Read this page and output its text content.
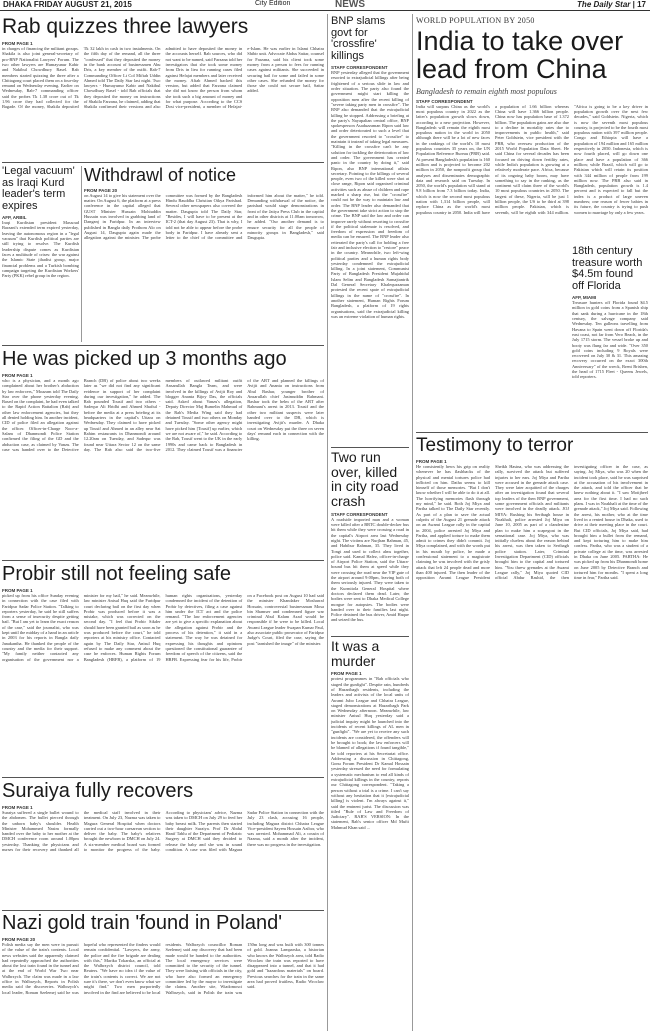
DHAKA FRIDAY AUGUST 21, 2015	City Edition	NEWS	The Daily Star | 17
Rab quizzes three lawyers
FROM PAGE 1
in charges of financing the militant groups. Shakila is also joint general-secretary of pro-BNP Nationalist Lawyers' Forum. The two other lawyers are Humayunur Kabir and Nakibul Chowdhury Rasel. Rab members started quizzing the three after a Chittagong court placed them on a four-day remand on Wednesday evening. Earlier on Wednesday, Rab-7 commanding officer said the probes Tk 1.38 crore out of Tk 1.96 crore they had collected for the Bagade. Of the money, Shakila deposited Tk 32 lakh in cash in two instalments. On the fifth day of the remand, all the three "confessed" that they deposited the money in the bank account of businessmen Abu Dris, a key member of the outfit. Rab-7 Commanding Officer Lt Col Miftah Uddin Ahmed told The Daily Star last night. Two lawyers - Humayunur Kabir and Nakibul Chowdhury Rasel - told Rab officials that they deposited the money on instructions of Shakila Farzana, he claimed, adding that Shakila confirmed their versions and also admitted to have deposited the money in the accounts herself. Rab sources, who did not want to be named, said Farzana told her investigators that she took some money from Dris in lieu for running cases filed against Hefajat members and later received the money. Aftab Ahmed backed this version, but added that Farzana claimed she did not know the person from whom she took such a big amount of money and for what purpose. According to the CCS Dost vice-president, a member of Hefajat-e-Islam. He was earlier in Islami Chhatra Shibir unit. Advocate Abdus Sattar, counsel for Farzana, said his client took some money from a person to fees for running cases against militants. She succeeded in securing bail for some and failed in some other cases. She refunded the money for those she could not secure bail, Sattar added.
'Legal vacuum' as Iraqi Kurd leader's term expires
AFP, ARBIL
Iraqi Kurdistan president Massoud Barzani's extended term expired yesterday, leaving the autonomous region in a "legal vacuum" that Kurdish political parties are still trying to resolve. The Kurdish leadership dispute comes as Kurdistan faces a multitude of crises: the war against the Islamic State jihadist group, major financial problems and a Turkish bombing campaign targeting the Kurdistan Workers' Party (PKK) rebel group in the region.
Withdrawl of notice
FROM PAGE 20
on August 14 to give his statement over the matter. On August 6, the platform at a press conference in the capital alleged that GUST Minister Hussain Mohiuddin Hussain was involved in grabbing land of Danganj in Faridpur. In an interview published in Bangla daily Prothom Alo on August 14, Dasgupta again made the allegation against the minister. The probe committee was formed by the Bangladesh Hindu Bauddha Christian Oikya Parishad. Several other newspapers also covered the matter. Dasgupta told The Daily Star, "Besides, I will have to be present at the ICT-2 (that day August 23). That is why, I told not be able to appear before the probe body in Faridpur. I have already sent a letter to the chief of the committee and informed him about the matter," he told. Demanding withdrawal of the notice, the parishad would stage demonstrations in front of the Jatiya Press Club in the capital and in other districts at 11.00am tomorrow, he added. "Our another demand is to ensure security for all the people of minority groups in Bangladesh," said Dasgupta.
He was picked up 3 months ago
FROM PAGE 1
who is a physician, and a month ago complained about her brother's abduction by law enforcers," Moazam told The Daily Star over the phone yesterday evening. Based on the complaint, he had even talked to the Rapid Action Battalion (Rab) and other law enforcement agencies, but they all denied holding him. In another incident, CID of police filed an allegation against the officer. Officer-in-Charge Noor-a-Salam of Dhanmondi Police Station confirmed the filing of the GD and the abduction case, as claimed by Vanzu. The case was handed over to the Detective Branch (DB) of police about two weeks later as "we did not find any significant evidence in support of her complaint during our investigation," he added. The Rab pounded Tousif and two others - Sadequr Ali Hridhi and Ahmed Shafiul - before the media at a press briefing at its headquarters in the capital's Uttara on Wednesday. They claimed to have picked up Tousif and Ahmed in an alley near Sat Rahim restaurants in Dhanmondi around 12.20am on Tuesday, and Sadequr was found near Uttara Sector 12 on the same day. The Rab also said the two-five members of outlawed militant outfit Ansarullah Bangla Team, and were involved in the killings of Avijit Roy and blogger Ananta Bijoy Das, the officials said. Asked about Vanzu's allegation, Deputy Director Maj Rumelin Mahmud of the Rab's Media Wing said they had detained Tousif and two others on Monday and Tuesday. "Some other agency might have picked him [Tousif] up earlier, which we are not aware of," he said. According to the Rab, Tousif went to the UK in the early 1990s and came back to Bangladesh in 2012. They claimed Tousif was a financier of the ABT and planned the killings of Avijit and Ananta on instructions from Abul Bashar, younger brother of Ansarullah chief Jasimuddin Rahmani. Bashar took the helm of the ABT after Rahmani's arrest in 2013. Tousif and the other two militant suspects were later handed over to the DB, which is investigating Avijit's murder. A Dhaka court on Wednesday put the three on seven days' remand each in connection with the killing.
Probir still not feeling safe
FROM PAGE 1
picked up from his office Sunday evening in connection with the case filed with Faridpur Sadar Police Station. "Talking to reporters yesterday, he said he still suffers from a sense of insecurity despite getting bail. "But I am yet to learn the exact reason of the case," said the journalist, who was kept until the midday of a hand in an article in 2003 for his reports in Bangla daily Janakantha. He thanked the people of the country and the media for their support. "My family neither contacted any organisation of the government nor a minister for my bail," he said. Meanwhile, law minister Anisul Huq said the Faridpur court declaring bail on the first day when Probir was produced before it was a mistake, which was corrected on the second day. "I feel that Probir Sikder should have been granted bail as soon as he was produced before the court," he told reporters at his ministry office. Contacted again by The Daily Star, Anisul Huq refused to make any comment about the case he enforces. Human Rights Forum Bangladesh (HRFB), a platform of 19 human rights organisations, yesterday condemned the incident of the detention of Probir by detectives, filing a case against him under the ICT act and the police remand. "The law enforcement agencies are yet to give a specific explanation about the allegation against Probir and the process of his detention," it said in a statement. The way he was detained for expressing his thoughts and opinions questioned the constitutional guarantee of freedom of speech of the citizens, said the HRFB. Expressing fear for his life, Probir on a Facebook post on August 10 had said the minister Khandaker Mosharraf Hossain, controversial businessman Mosa bin Shamser and condemned figure war criminal Abul Kalam Azad would be responsible if he were to be killed. Local Awami League leader Swapan Kumar Paul, also associate public prosecutor of Faridpur Judge's Court, filed the case, saying the post "tarnished the image" of the minister.
Suraiya fully recovers
FROM PAGE 1
Suraiya suffered a single bullet wound to the abdomen. The bullet pierced through the unborn baby's shoulder. Health Minister Mohammed Nasim formally handed over the baby to her mother at the DMCH conference room around 1.00pm yesterday. Thanking the physicians and nurses for their recovery and thanked all the medical staff involved in their treatment. On July 23, Nazma was taken to Magura General Hospital when doctors carried out a two-hour caesarean section to deliver the baby. The baby's relatives brought the newborn to DMCH on July 24. A six-member medical board was formed to monitor the progress of the baby. According to physicians' advice, Nazma was taken to DMCH on July 29 to feed her baby breast milk. The parents then started their daughter Suraiya. Prof Dr Abdul Hanif Tablu of the Department of Pediatric Surgery at DMCH said they decided to release the baby and she was in sound condition. A case was filed with Magura Sadar Police Station in connection with the July 23 clash, accusing 16 people, including Magura district Chhatra League Vice-president Sayem Hossain Azibor, who was arrested. Mohammad Ali, a cousin of Nazma, said a month after the incident, there was no progress in the investigation.
Nazi gold train 'found in Poland'
FROM PAGE 20
Polish media say the men were in pursuit of the value of the train's contents. Local news websites said the apparently claimed had repeatedly approached the authorities about the lost train found in the tunnel and at the end of World War Two near Walbrzych. The claim was made in a law office in Walbrzych, Reports in Polish media said the discoveries. Walbrzych's local leader, Roman Szelemej said he was hopeful who represented the finders would remain confidential. "Lawyers, the army, the police and the fire brigade are dealing with this," Marika Tokarska, an official at the Walbrzych district council, told Reuters. "We have no idea if the value of the train's contents is correct. We are not sure it's there, we don't even know what we might find." Two men purportedly involved in the find are believed to be local residents. Walbrzych councillor Roman Szelemej said any discovery that had been made would be handed to the authorities. The local emergency services were committed to the security of the tunnel. They were liaising with officials in the city, who have also formed an emergency committee led by the mayor to investigate the claims. Another site, Wiadomosci Walbrzych, said in Polish the train was 150m long and was built with 300 tonnes of gold. Joanna Lamparska, a historian who knows the Walbrzych area, told Radio Wroclaw the train was reported to have disappeared into a tunnel, and that it had gold and "hazardous materials" on board. Previous searches for the train in the same area had proved fruitless, Radio Wroclaw said.
BNP slams govt for 'crossfire' killings
STAFF CORRESPONDENT
BNP yesterday alleged that the government resorted to extrajudicial killings after being frightened of a serious slide in law and order situation. The party also found the government might start killing the opposition men after the recent killing of "severe taking party men in crossfire". The BNP also demanded that the extrajudicial killing be stopped. Addressing a briefing at the party's Nayapaltan central office, BNP spokesperson Asaduzzaman Ripon said law and order deteriorated to such a level that the government resorted to "crossfire" to maintain it instead of taking legal measures. "Killing in the crossfire can't be any solution for tackling the deterioration of law and order. The government has created panic in the country by doing it," said Ripon, also BNP international affairs secretary. Pointing to the killings of several people, even two of the killed were shot at close range, Ripon said organised criminal activities such as abuse of children and rape marked a sharp rise, but the "crossfire" could not be the way to maintain law and order. The BNP leader also demanded that the government take strict action to stop the crime. The BNP said the law and order can improve rarely without resorting to crossfire if the political stalemate is resolved, and freedom of expression and freedom of media can be ensured. The BNP leader also reiterated the party's call for holding a free fair and inclusive election to "restore" peace in the country. Meanwhile, two left-wing political parties and a human rights body yesterday condemned the extrajudicial killing. In a joint statement, Communist Party of Bangladesh President Mujahidul Islam Selim and Bangladesh Samajtantrik Dal General Secretary Khalequzzaman protested the recent spate of extrajudicial killings in the name of "crossfire". In another statement, Human Rights Forum Bangladesh, a platform of 19 rights organisations, said the extrajudicial killing was an extreme violation of human rights.
Two run over, killed in city road crash
STAFF CORRESPONDENT
A roadside imported man and a woman were killed after a BRTC double-decker bus hit them while they were crossing a road in the capital's Airport area last Wednesday night. The victims are Nurjhan Rahman, 45, and Habibur Rahman, 35. They lived in Tongi and used to collect alms together, police said. Kamal Hafez, officer-in-charge of Airport Police Station, said the Uttara-bound bus hit them at speed while they were crossing the road near the VIP gate of the airport around 9:00pm, leaving both of them seriously injured. They were taken to the Kurmitola General Hospital where doctors declared them dead. Later, the bodies were sent to Dhaka Medical College morgue for autopsies. The bodies were handed over to their families last night. Police detained the bus driver, Amid Haque and seized the bus.
It was a murder
FROM PAGE 1
protest programmes in "Rab officials who staged the gunfight". Despite rain, hundreds of Hazaribagh residents, including the leaders and activists of the local units of Awami Jubo League and Chhatra League, staged demonstrations at Hazaribagh Park on Wednesday afternoon. Meanwhile, law minister Anisul Huq yesterday said a judicial inquiry might be launched into the incidents of recent killings of AL men in "gunfight". "We are yet to receive any such incidents are considered, the offenders will be brought to book; the law enforcers will be blamed of allegations if found tangible," he told reporters at his Secretariat office. Addressing a discussion in Chittagong, Gonu Forum President Dr Kamal Hossain yesterday stressed the need for formulating a systematic mechanism to end all kinds of extrajudicial killings in the country, reports our Chittagong correspondent. "Taking a person without a trial is a crime. I can't say without any hesitation that it [extrajudicial killing] is violent. I'm always against it," said the eminent jurist. The discussion was titled "Rule of Law and Freedom of Judiciary". RAB'S VERSION: In the statement, Rab's senior officer Md Mufti Mahmud Khan said ...
WORLD POPULATION BY 2050
India to take over lead from China
Bangladesh to remain eighth most populous
STAFF CORRESPONDENT
India will surpass China as the world's most populous country in 2022 as the latter's population growth slows down, according to a new projection. However, Bangladesh will remain the eighth most populous nation in the world in 2050 although there will be a lot of new faces in the rankings of the world's 10 most populous countries 35 years on, the UN Population Reference Bureau (PRB) said. At present Bangladesh's population is 160 million and is projected to become 202 million in 2050, the nonprofit group that analyses and disseminates demographic data and research said on Tuesday. In 2050, the world's population will stand at 9.8 billion from 7.3 billion today. India, which is now the second most populous nation with 1,314 billion people, will replace China as the world's most populous country in 2050. India will have a population of 1.66 billion whereas China will have 1.366 billion people. China now has population base of 1.372 billion. The population gains are also due to a decline in mortality rates due to improvements in public health," said Peter Goldstein, vice president with the PRB, who oversaw production of the 2015 World Population Data Sheet. He said China for several decades has been focused on driving down fertility rates, while India's population is growing at a relatively moderate pace. Africa, because of its ongoing baby boom, may have something to say in the ranking, as the continent will claim three of the world's 10 most populous countries in 2050. The largest of these, Nigeria, will be just 1 billion people, the US to be third at 398 million people. Pakistan, which is seventh, will be eighth with 344 million. "Africa is going to be a key driver in population growth over the next few decades," said Goldstein. Nigeria, which is now the seventh most populous country, is projected to be the fourth most populous nation with 397 million people. Congo and Ethiopia will have a population of 194 million and 165 million respectively in 2050. Indonesia, which is now fourth placed, will go down one place and have a population of 366 million; while Brazil, which will go to Pakistan which will retain its position with 344 million of people from 199 million now. The PRB also said in Bangladesh, population growth is 1.4 percent and is expected to fall but the index is a product of large uneven numbers; one reason of fewer babies in its future, the country is trying to push women to marriage by only a few years.
18th century treasure worth $4.5m found off Florida
AFP, MIAMI
Treasure hunters off Florida found $4.5 million in gold coins from a Spanish ship that sank during a hurricane in the 18th century, the salvage company said Wednesday. Ten galleons travelling from Havana to Spain went down off Florida's east coast, not far from Vero Beach, in the July 1715 storm. The vessel broke up and booty was flung far and wide. "Over 350 gold coins including 9 Royals were recovered on July 30 & 31. This amazing recovery occurred on the exact 300th Anniversary" of the wreck, Brent Brisben, the head of 1715 Fleet - Queens Jewels, told reporters.
Testimony to terror
FROM PAGE 1
He consistently hews his grip on reality whenever he has flashbacks of the physical and mental tortures police had inflicted on him. Datha seems to kill himself of those memories. "But I don't know whether I will be able to do it at all. The horrifying memories flash through my mind," he said. Both Joj Miya and Partha talked to The Daily Star recently. As part of a plan to save the actual culprits of the August 21 grenade attack on an Awami League rally in the capital in 2004, police arrested Joj Miya and Partha, and applied torture to make them admit to crimes they didn't commit. Joj Miya complained, and with the words put in his mouth by police, he made a confessional statement to a magistrate claiming he was involved with the grisly attack that left 24 people dead and more than 400 injured. The then leader of the opposition Awami League President Sheikh Hasina, who was addressing the rally, survived the attack but suffered injuries to her ears. Joj Miya and Partha were accused in the grenade attack case. They were later acquitted of the charges after an investigation found that several top leaders of the then BNP government, some government officials and militants were involved in the deadly attack. JOJ MIYA: Rushing his Seribagh house in Noakhali, police arrested Joj Miya on June 10, 2005 as part of a clandestine plan to make him a scapegoat in the sensational case. Joj Miya, who was initially clueless about the reason behind his arrest, was then taken to Seribagh police station. Later, Criminal Investigation Department (CID) officials brought him to the capital and tortured him. "You threw grenades at the Awami League rally," Joj Miya quoted CID official Abdur Rashid, the then investigating officer in the case, as saying. Joj Miya, who was 20 when the incident took place, said he was surprised at the accusation of his involvement in the attack, and told the officer that he knew nothing about it. "I saw Motijheel area for the first time. I had no such plans. I was in Noakhali at the time of the grenade attack," Joj Miya said. Following the arrest, his mother, who at the time lived in a rented house in Dhaka, used to drive at their meeting place in the court. But CID officials, Joj Miya said, had brought him a bullet from the remand, and kept torturing him to make him confess. Partha, who was a student of a private college at the time, was arrested in Dhaka on June 2005. PARTHA: He was picked up from his Dhanmondi home on June 2005 by Detective Branch and tortured him for months. "I spent a long time in fear," Partha said.
